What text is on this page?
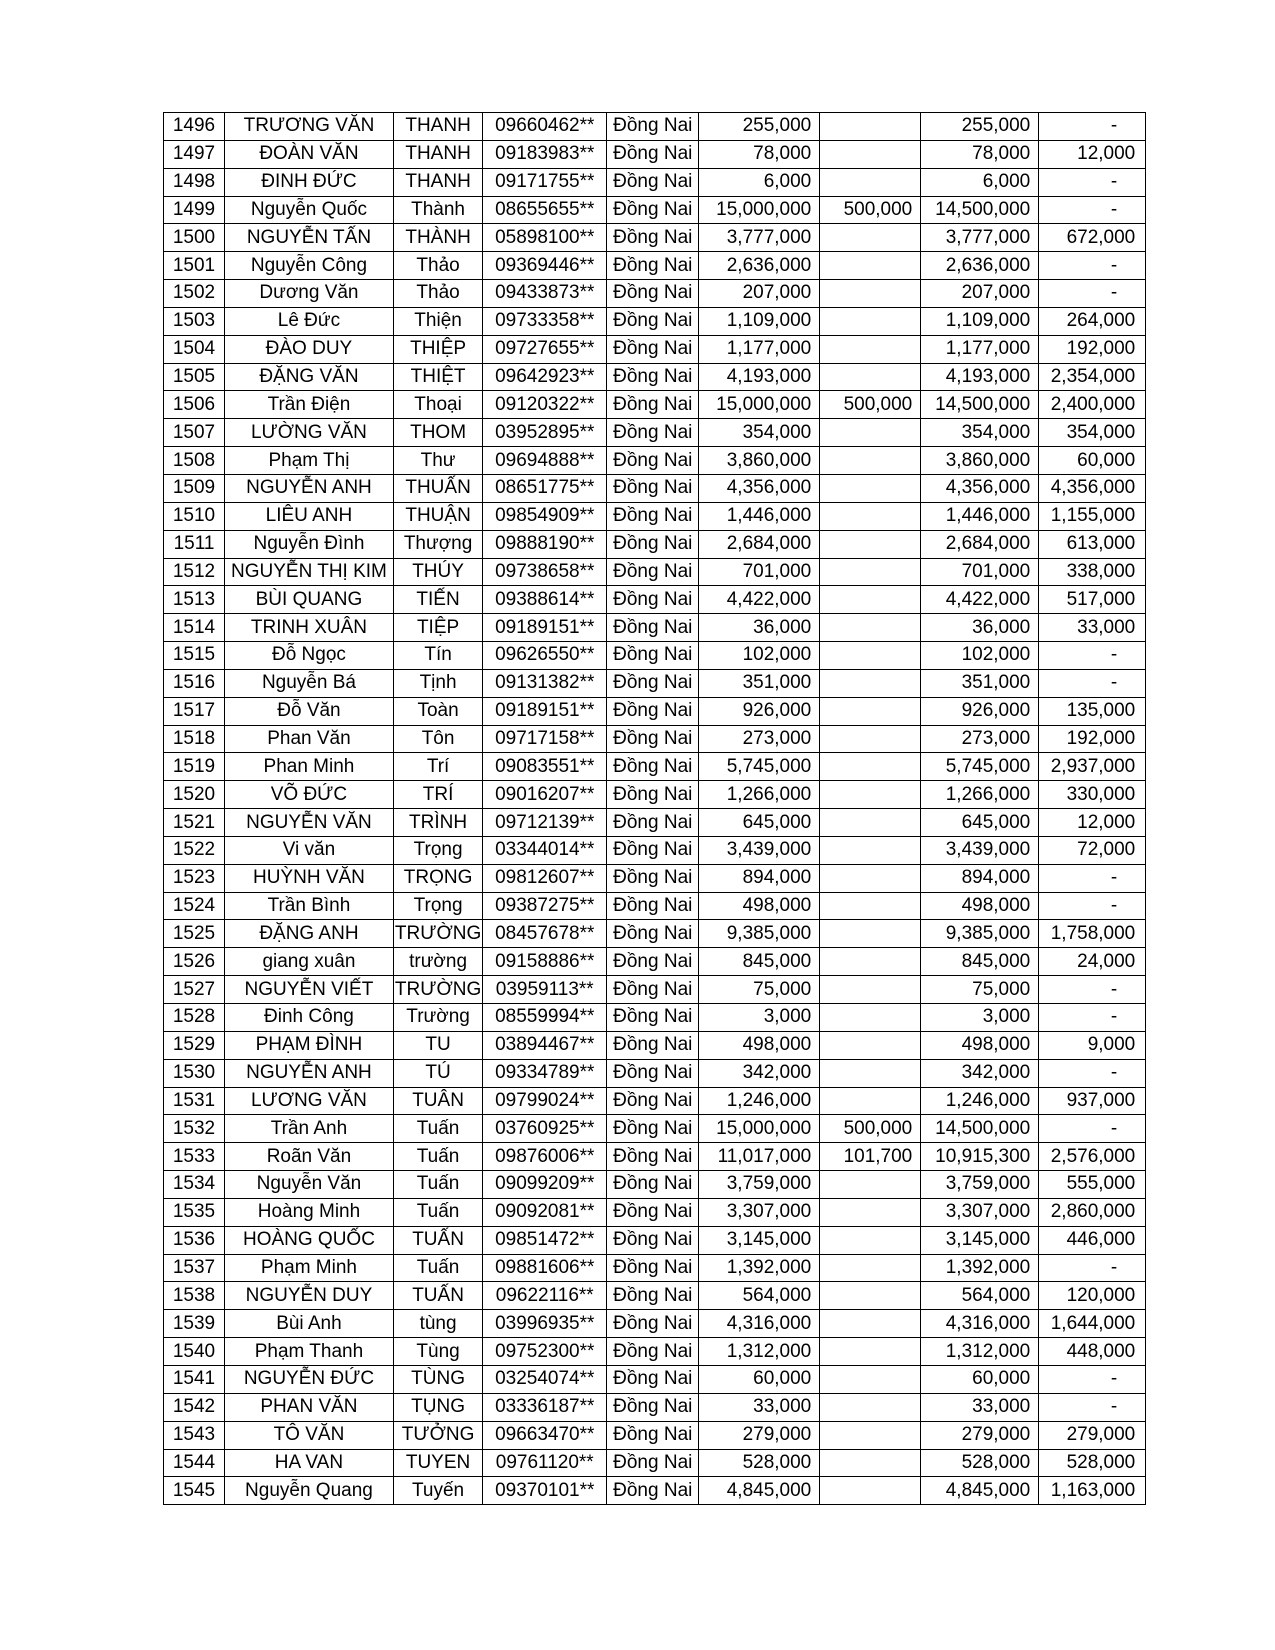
1496	TRƯƠNG VĂN	THANH	09660462**	Đồng Nai	255,000		255,000	-
1497	ĐOÀN VĂN	THANH	09183983**	Đồng Nai	78,000		78,000	12,000
1498	ĐINH ĐỨC	THANH	09171755**	Đồng Nai	6,000		6,000	-
1499	Nguyễn Quốc	Thành	08655655**	Đồng Nai	15,000,000	500,000	14,500,000	-
1500	NGUYỄN TẤN	THÀNH	05898100**	Đồng Nai	3,777,000		3,777,000	672,000
1501	Nguyễn Công	Thảo	09369446**	Đồng Nai	2,636,000		2,636,000	-
1502	Dương Văn	Thảo	09433873**	Đồng Nai	207,000		207,000	-
1503	Lê Đức	Thiện	09733358**	Đồng Nai	1,109,000		1,109,000	264,000
1504	ĐÀO DUY	THIỆP	09727655**	Đồng Nai	1,177,000		1,177,000	192,000
1505	ĐẶNG VĂN	THIỆT	09642923**	Đồng Nai	4,193,000		4,193,000	2,354,000
1506	Trần Điện	Thoại	09120322**	Đồng Nai	15,000,000	500,000	14,500,000	2,400,000
1507	LƯỜNG VĂN	THOM	03952895**	Đồng Nai	354,000		354,000	354,000
1508	Phạm Thị	Thư	09694888**	Đồng Nai	3,860,000		3,860,000	60,000
1509	NGUYỄN ANH	THUẤN	08651775**	Đồng Nai	4,356,000		4,356,000	4,356,000
1510	LIÊU ANH	THUẬN	09854909**	Đồng Nai	1,446,000		1,446,000	1,155,000
1511	Nguyễn Đình	Thượng	09888190**	Đồng Nai	2,684,000		2,684,000	613,000
1512	NGUYỄN THỊ KIM	THÚY	09738658**	Đồng Nai	701,000		701,000	338,000
1513	BÙI QUANG	TIẾN	09388614**	Đồng Nai	4,422,000		4,422,000	517,000
1514	TRINH XUÂN	TIỆP	09189151**	Đồng Nai	36,000		36,000	33,000
1515	Đỗ Ngọc	Tín	09626550**	Đồng Nai	102,000		102,000	-
1516	Nguyễn Bá	Tịnh	09131382**	Đồng Nai	351,000		351,000	-
1517	Đỗ Văn	Toàn	09189151**	Đồng Nai	926,000		926,000	135,000
1518	Phan Văn	Tôn	09717158**	Đồng Nai	273,000		273,000	192,000
1519	Phan Minh	Trí	09083551**	Đồng Nai	5,745,000		5,745,000	2,937,000
1520	VÕ ĐỨC	TRÍ	09016207**	Đồng Nai	1,266,000		1,266,000	330,000
1521	NGUYỄN VĂN	TRÌNH	09712139**	Đồng Nai	645,000		645,000	12,000
1522	Vi văn	Trọng	03344014**	Đồng Nai	3,439,000		3,439,000	72,000
1523	HUỲNH VĂN	TRỌNG	09812607**	Đồng Nai	894,000		894,000	-
1524	Trần Bình	Trọng	09387275**	Đồng Nai	498,000		498,000	-
1525	ĐẶNG ANH	TRƯỜNG	08457678**	Đồng Nai	9,385,000		9,385,000	1,758,000
1526	giang xuân	trường	09158886**	Đồng Nai	845,000		845,000	24,000
1527	NGUYỄN VIẾT	TRƯỜNG	03959113**	Đồng Nai	75,000		75,000	-
1528	Đinh Công	Trường	08559994**	Đồng Nai	3,000		3,000	-
1529	PHẠM ĐÌNH	TU	03894467**	Đồng Nai	498,000		498,000	9,000
1530	NGUYỄN ANH	TÚ	09334789**	Đồng Nai	342,000		342,000	-
1531	LƯƠNG VĂN	TUÂN	09799024**	Đồng Nai	1,246,000		1,246,000	937,000
1532	Trần Anh	Tuấn	03760925**	Đồng Nai	15,000,000	500,000	14,500,000	-
1533	Roãn Văn	Tuấn	09876006**	Đồng Nai	11,017,000	101,700	10,915,300	2,576,000
1534	Nguyễn Văn	Tuấn	09099209**	Đồng Nai	3,759,000		3,759,000	555,000
1535	Hoàng Minh	Tuấn	09092081**	Đồng Nai	3,307,000		3,307,000	2,860,000
1536	HOÀNG QUỐC	TUẤN	09851472**	Đồng Nai	3,145,000		3,145,000	446,000
1537	Phạm Minh	Tuấn	09881606**	Đồng Nai	1,392,000		1,392,000	-
1538	NGUYỄN DUY	TUẤN	09622116**	Đồng Nai	564,000		564,000	120,000
1539	Bùi Anh	tùng	03996935**	Đồng Nai	4,316,000		4,316,000	1,644,000
1540	Phạm Thanh	Tùng	09752300**	Đồng Nai	1,312,000		1,312,000	448,000
1541	NGUYỄN ĐỨC	TÙNG	03254074**	Đồng Nai	60,000		60,000	-
1542	PHAN VĂN	TỤNG	03336187**	Đồng Nai	33,000		33,000	-
1543	TÔ VĂN	TƯỞNG	09663470**	Đồng Nai	279,000		279,000	279,000
1544	HA VAN	TUYEN	09761120**	Đồng Nai	528,000		528,000	528,000
1545	Nguyễn Quang	Tuyến	09370101**	Đồng Nai	4,845,000		4,845,000	1,163,000
